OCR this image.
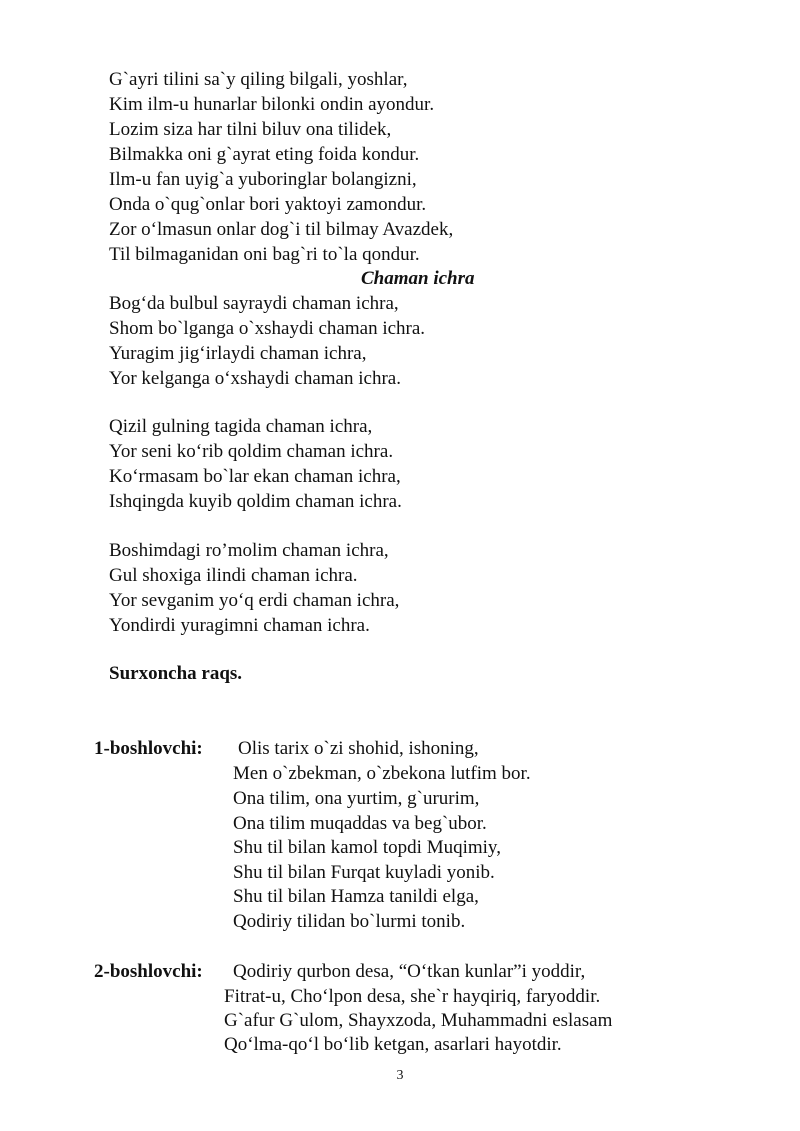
G`ayri tilini sa`y qiling bilgali, yoshlar,
Kim ilm-u hunarlar bilonki ondin ayondur.
Lozim siza har tilni biluv ona tilidek,
Bilmakka oni g`ayrat eting foida kondur.
Ilm-u fan uyig`a yuboringlar bolangizni,
Onda o`qug`onlar bori yaktoyi zamondur.
Zor o‘lmasun onlar dog`i til bilmay Avazdek,
Til bilmaganidan oni bag`ri to`la qondur.
Chaman ichra
Bog‘da bulbul sayraydi chaman ichra,
Shom bo`lganga o`xshaydi chaman ichra.
Yuragim jig‘irlaydi chaman ichra,
Yor kelganga o‘xshaydi chaman ichra.
Qizil gulning tagida chaman ichra,
Yor seni ko‘rib qoldim chaman ichra.
Ko‘rmasam bo`lar ekan chaman ichra,
Ishqingda kuyib qoldim chaman ichra.
Boshimdagi ro’molim chaman ichra,
Gul shoxiga ilindi chaman ichra.
Yor sevganim yo‘q erdi chaman ichra,
Yondirdi yuragimni chaman ichra.
Surxoncha raqs.
1-boshlovchi: Olis tarix o`zi shohid, ishoning,
Men o`zbekman, o`zbekona lutfim bor.
Ona tilim, ona yurtim, g`ururim,
Ona tilim muqaddas va beg`ubor.
Shu til bilan kamol topdi Muqimiy,
Shu til bilan Furqat kuyladi yonib.
Shu til bilan Hamza tanildi elga,
Qodiriy tilidan bo`lurmi tonib.
2-boshlovchi: Qodiriy qurbon desa, “O‘tkan kunlar”i yoddir,
Fitrat-u, Cho‘lpon desa, she`r hayqiriq, faryoddir.
G`afur G`ulom, Shayxzoda, Muhammadni eslasam
Qo‘lma-qo‘l bo‘lib ketgan, asarlari hayotdir.
3
